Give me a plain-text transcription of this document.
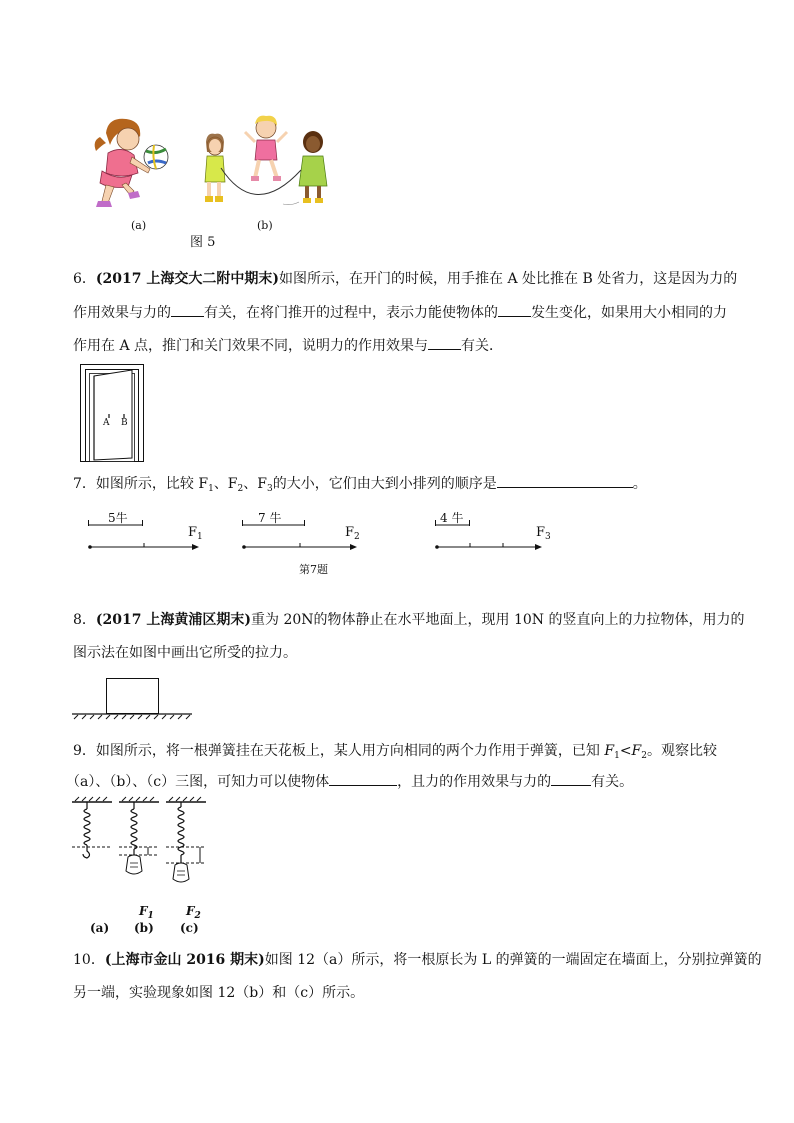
(a)	(b)
图 5
6．(2017 上海交大二附中期末)如图所示，在开门的时候，用手推在 A 处比推在 B 处省力，这是因为力的
作用效果与力的 有关，在将门推开的过程中，表示力能使物体的 发生变化，如果用大小相同的力
作用在 A 点，推门和关门效果不同，说明力的作用效果与 有关．
A B
7．如图所示，比较 $F_1$、$F_2$、$F_3$的大小，它们由大到小排列的顺序是	。
5牛
$F_1$
7 牛
$F_2$
4 牛
$F_3$
第7题
8．(2017 上海黄浦区期末)重为 20N的物体静止在水平地面上，现用 10N 的竖直向上的力拉物体，用力的
图示法在如图中画出它所受的拉力。
9．如图所示，将一根弹簧挂在天花板上，某人用方向相同的两个力作用于弹簧，已知 $F_1<F_2$。观察比较
（a）、（b）、（c）三图，可知力可以使物体	，且力的作用效果与力的	有关。
$F_1$	$F_2$
(a) (b) (c)
10．(上海市金山 2016 期末)如图 12（a）所示，将一根原长为 L 的弹簧的一端固定在墙面上，分别拉弹簧的
另一端，实验现象如图 12（b）和（c）所示。
